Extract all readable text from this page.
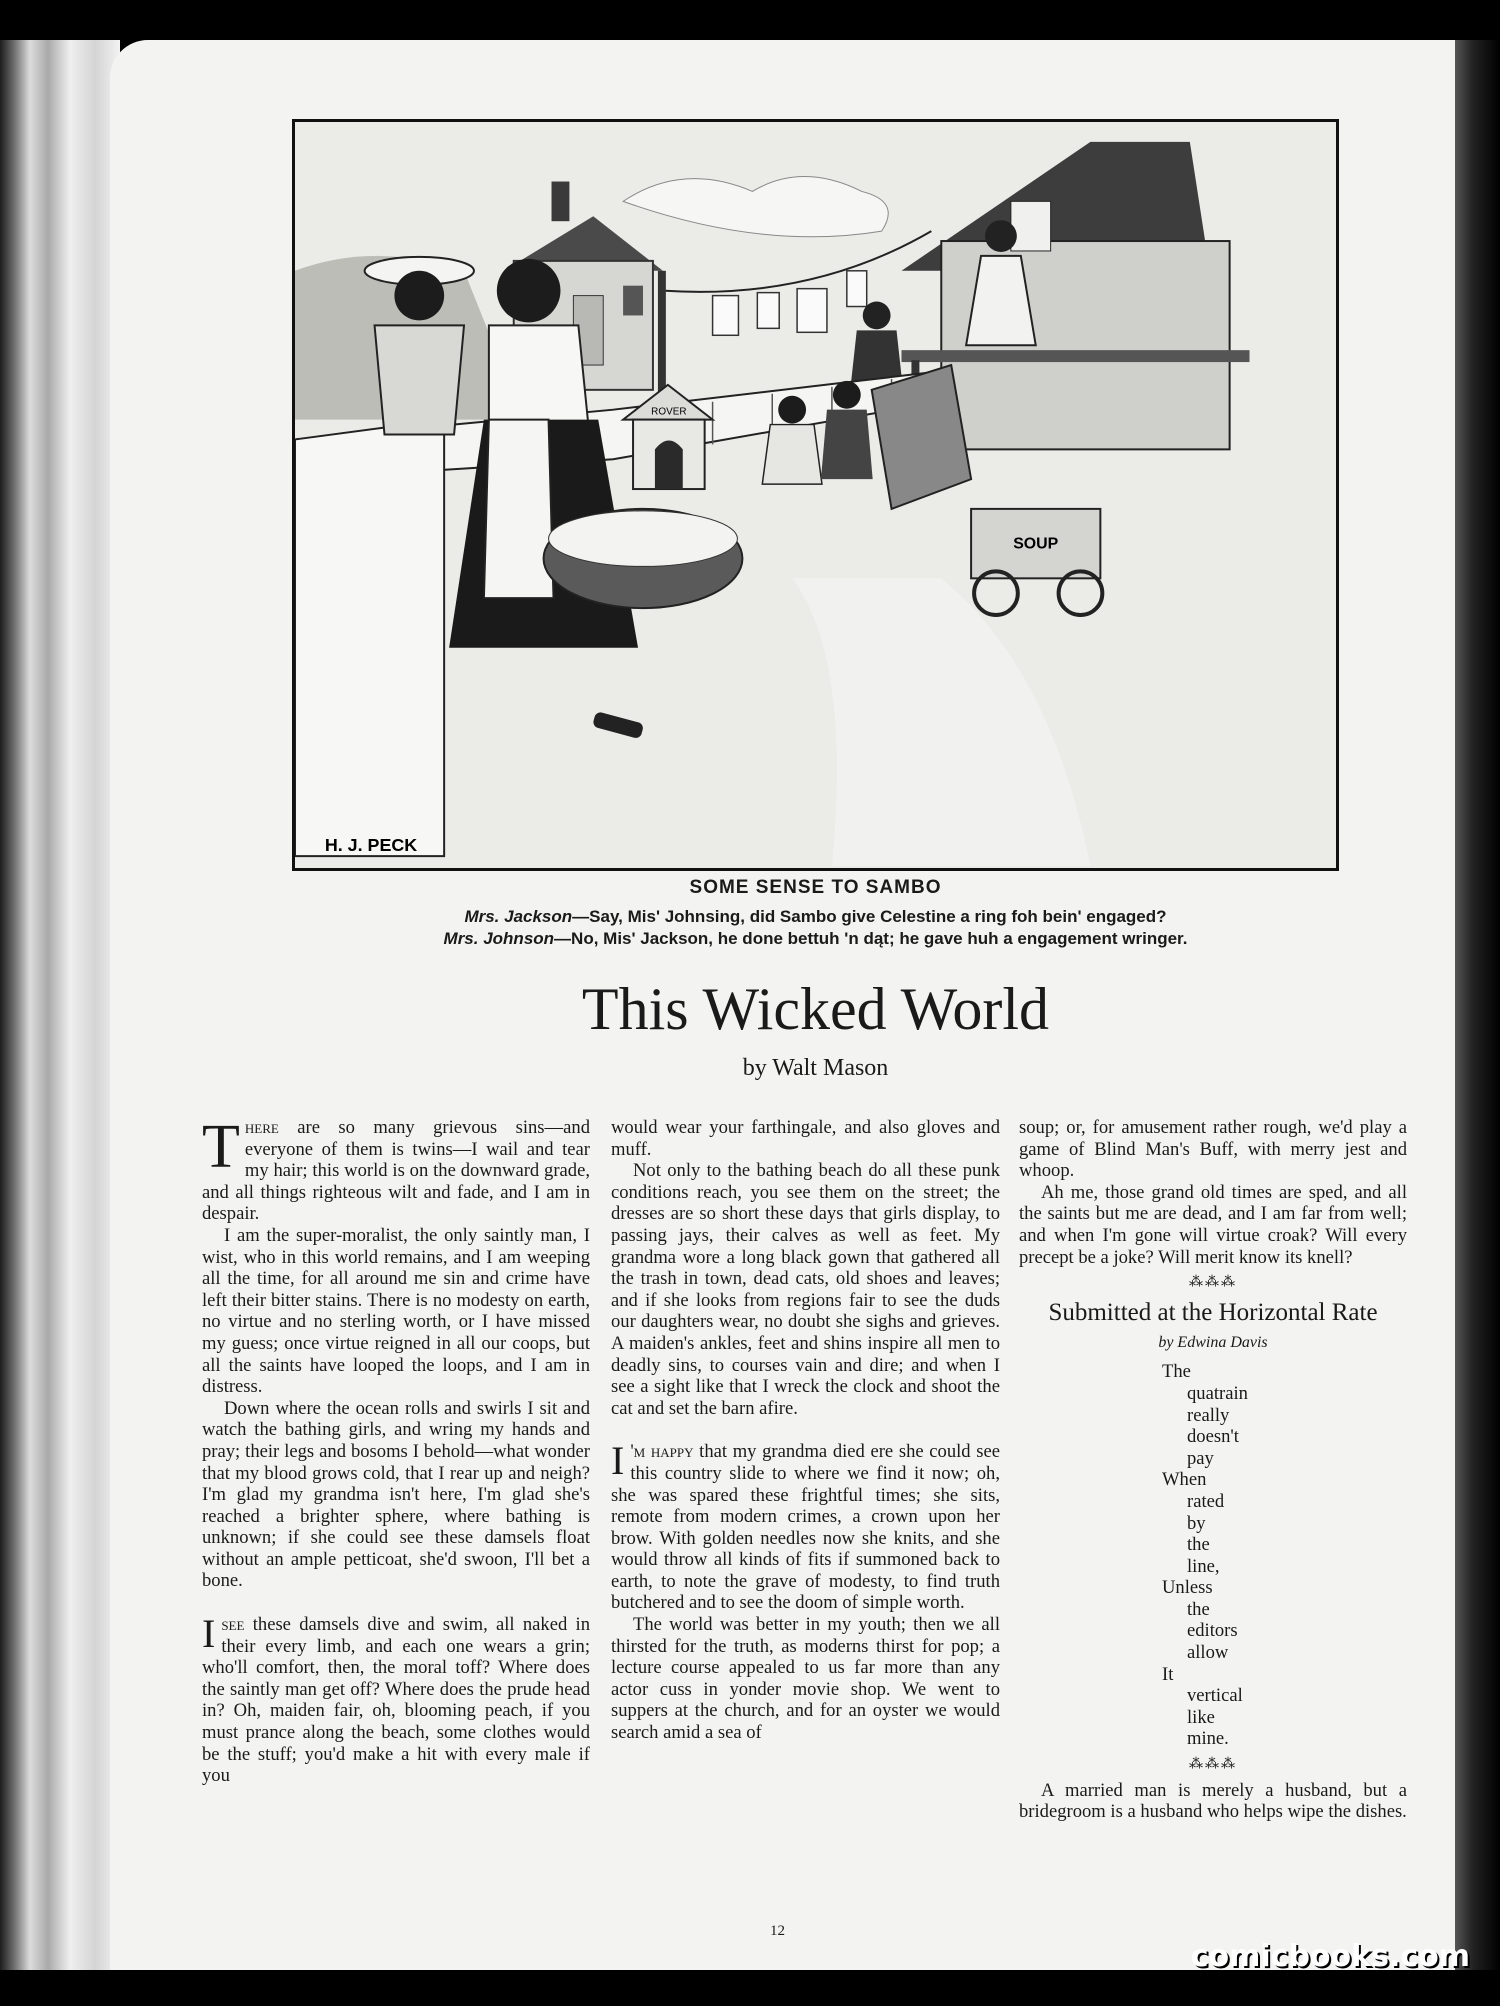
ROVER
SOUP
H. J. PECK
SOME SENSE TO SAMBO
Mrs. Jackson—Say, Mis' Johnsing, did Sambo give Celestine a ring foh bein' engaged?
Mrs. Johnson—No, Mis' Jackson, he done bettuh 'n dąt; he gave huh a engagement wringer.
This Wicked World
by Walt Mason

There are so many grievous sins—and everyone of them is twins—I wail and tear my hair; this world is on the downward grade, and all things righteous wilt and fade, and I am in despair.

I am the super-moralist, the only saintly man, I wist, who in this world remains, and I am weeping all the time, for all around me sin and crime have left their bitter stains. There is no modesty on earth, no virtue and no sterling worth, or I have missed my guess; once virtue reigned in all our coops, but all the saints have looped the loops, and I am in distress.

Down where the ocean rolls and swirls I sit and watch the bathing girls, and wring my hands and pray; their legs and bosoms I behold—what wonder that my blood grows cold, that I rear up and neigh? I'm glad my grandma isn't here, I'm glad she's reached a brighter sphere, where bathing is unknown; if she could see these damsels float without an ample petticoat, she'd swoon, I'll bet a bone.

Isee these damsels dive and swim, all naked in their every limb, and each one wears a grin; who'll comfort, then, the moral toff? Where does the saintly man get off? Where does the prude head in? Oh, maiden fair, oh, blooming peach, if you must prance along the beach, some clothes would be the stuff; you'd make a hit with every male if you

would wear your farthingale, and also gloves and muff.

Not only to the bathing beach do all these punk conditions reach, you see them on the street; the dresses are so short these days that girls display, to passing jays, their calves as well as feet. My grandma wore a long black gown that gathered all the trash in town, dead cats, old shoes and leaves; and if she looks from regions fair to see the duds our daughters wear, no doubt she sighs and grieves. A maiden's ankles, feet and shins inspire all men to deadly sins, to courses vain and dire; and when I see a sight like that I wreck the clock and shoot the cat and set the barn afire.

I 'm happy that my grandma died ere she could see this country slide to where we find it now; oh, she was spared these frightful times; she sits, remote from modern crimes, a crown upon her brow. With golden needles now she knits, and she would throw all kinds of fits if summoned back to earth, to note the grave of modesty, to find truth butchered and to see the doom of simple worth.

The world was better in my youth; then we all thirsted for the truth, as moderns thirst for pop; a lecture course appealed to us far more than any actor cuss in yonder movie shop. We went to suppers at the church, and for an oyster we would search amid a sea of

soup; or, for amusement rather rough, we'd play a game of Blind Man's Buff, with merry jest and whoop.

Ah me, those grand old times are sped, and all the saints but me are dead, and I am far from well; and when I'm gone will virtue croak? Will every precept be a joke? Will merit know its knell?

⁂⁂⁂
Submitted at the Horizontal Rate
by Edwina Davis
The
quatrain
really
doesn't
pay
When
rated
by
the
line,
Unless
the
editors
allow
It
vertical
like
mine.
⁂⁂⁂

A married man is merely a husband, but a bridegroom is a husband who helps wipe the dishes.

12
comicbooks.com
